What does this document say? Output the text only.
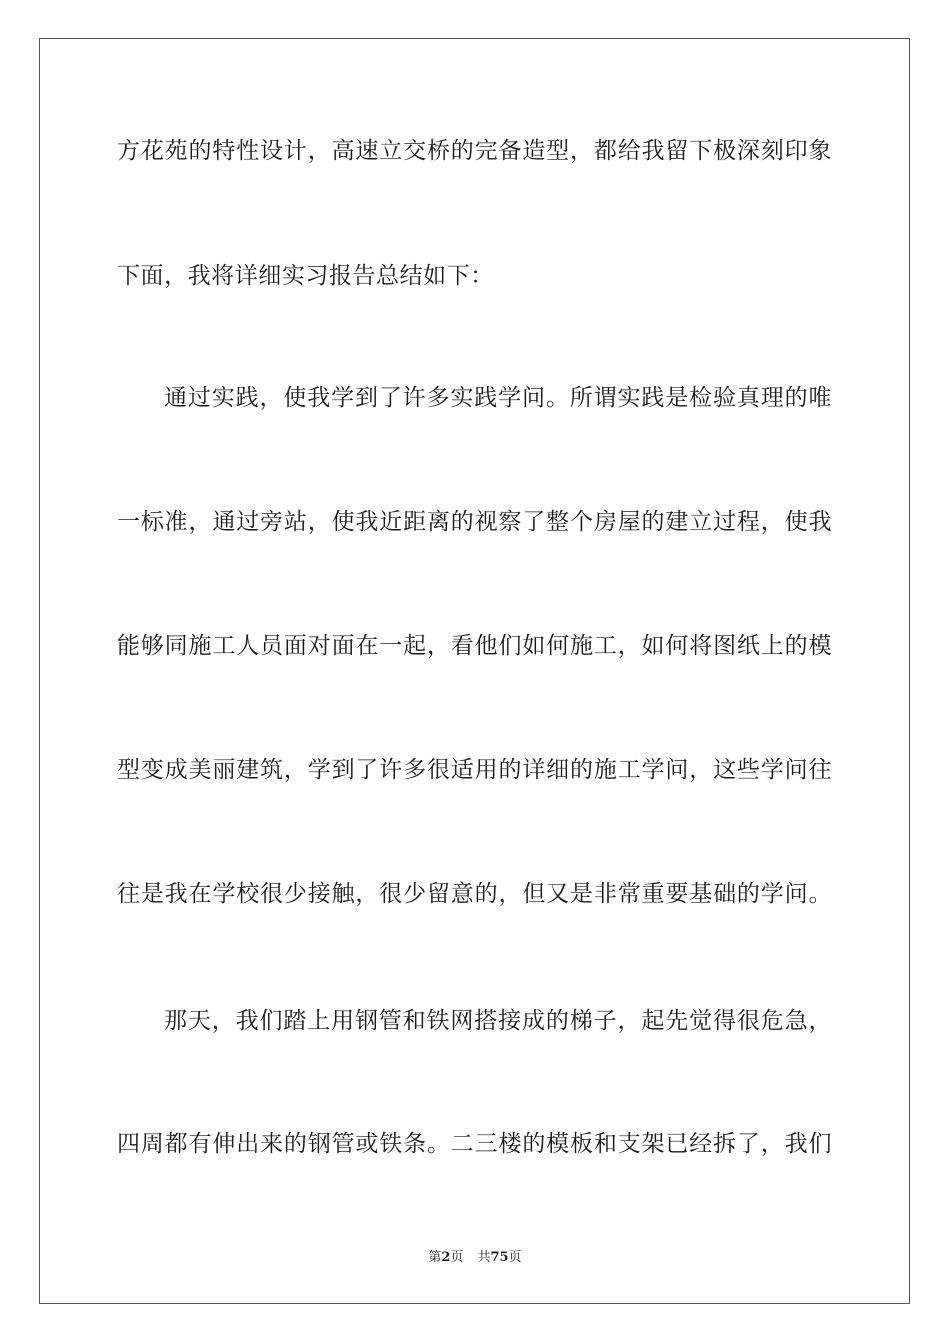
方花苑的特性设计，高速立交桥的完备造型，都给我留下极深刻印象
下面，我将详细实习报告总结如下：
通过实践，使我学到了许多实践学问。所谓实践是检验真理的唯
一标准，通过旁站，使我近距离的视察了整个房屋的建立过程，使我
能够同施工人员面对面在一起，看他们如何施工，如何将图纸上的模
型变成美丽建筑，学到了许多很适用的详细的施工学问，这些学问往
往是我在学校很少接触，很少留意的，但又是非常重要基础的学问。
那天，我们踏上用钢管和铁网搭接成的梯子，起先觉得很危急，
四周都有伸出来的钢管或铁条。二三楼的模板和支架已经拆了，我们
第2页 共75页
